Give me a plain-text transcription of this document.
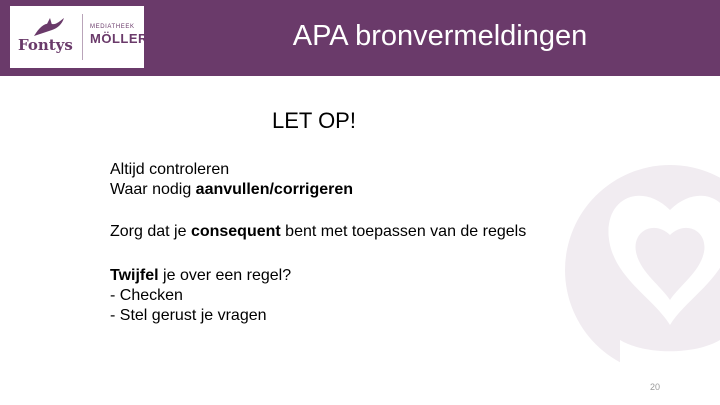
Fontys
MEDIATHEEK
MÖLLER	APA bronvermeldingen
LET OP!
Altijd controleren
Waar nodig aanvullen/corrigeren
Zorg dat je consequent bent met toepassen van de regels
Twijfel je over een regel?
- Checken
- Stel gerust je vragen
20
